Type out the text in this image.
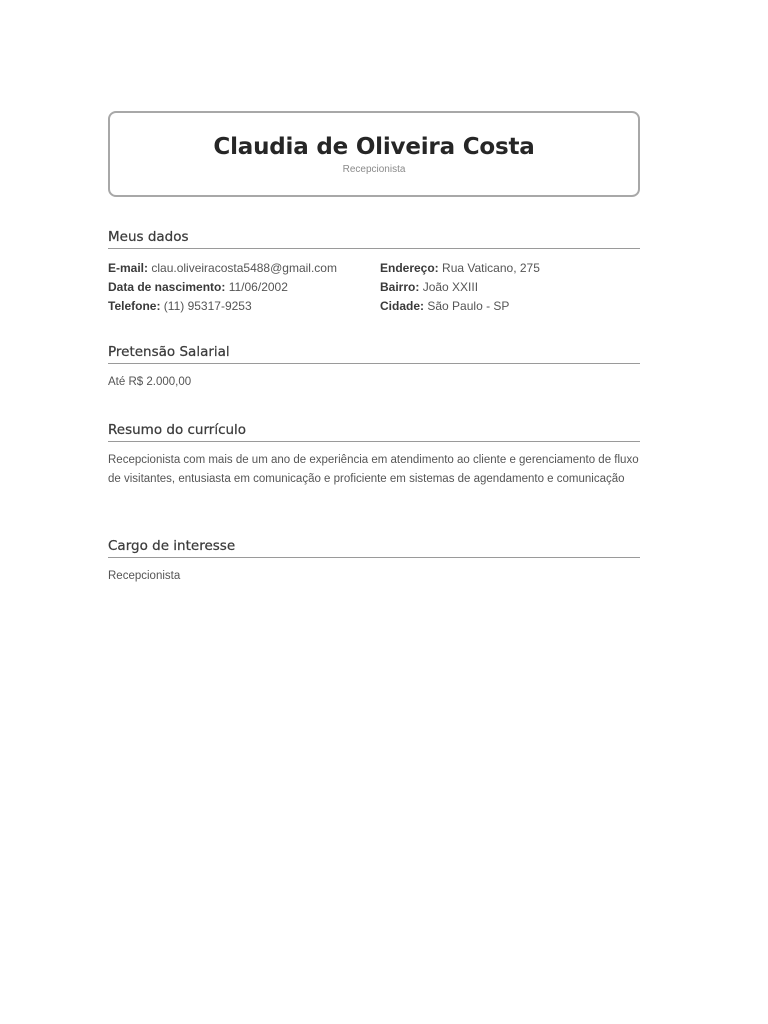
Claudia de Oliveira Costa
Recepcionista
Meus dados
E-mail: clau.oliveiracosta5488@gmail.com
Data de nascimento: 11/06/2002
Telefone: (11) 95317-9253
Endereço: Rua Vaticano, 275
Bairro: João XXIII
Cidade: São Paulo - SP
Pretensão Salarial
Até R$ 2.000,00
Resumo do currículo
Recepcionista com mais de um ano de experiência em atendimento ao cliente e gerenciamento de fluxo de visitantes, entusiasta em comunicação e proficiente em sistemas de agendamento e comunicação
Cargo de interesse
Recepcionista
